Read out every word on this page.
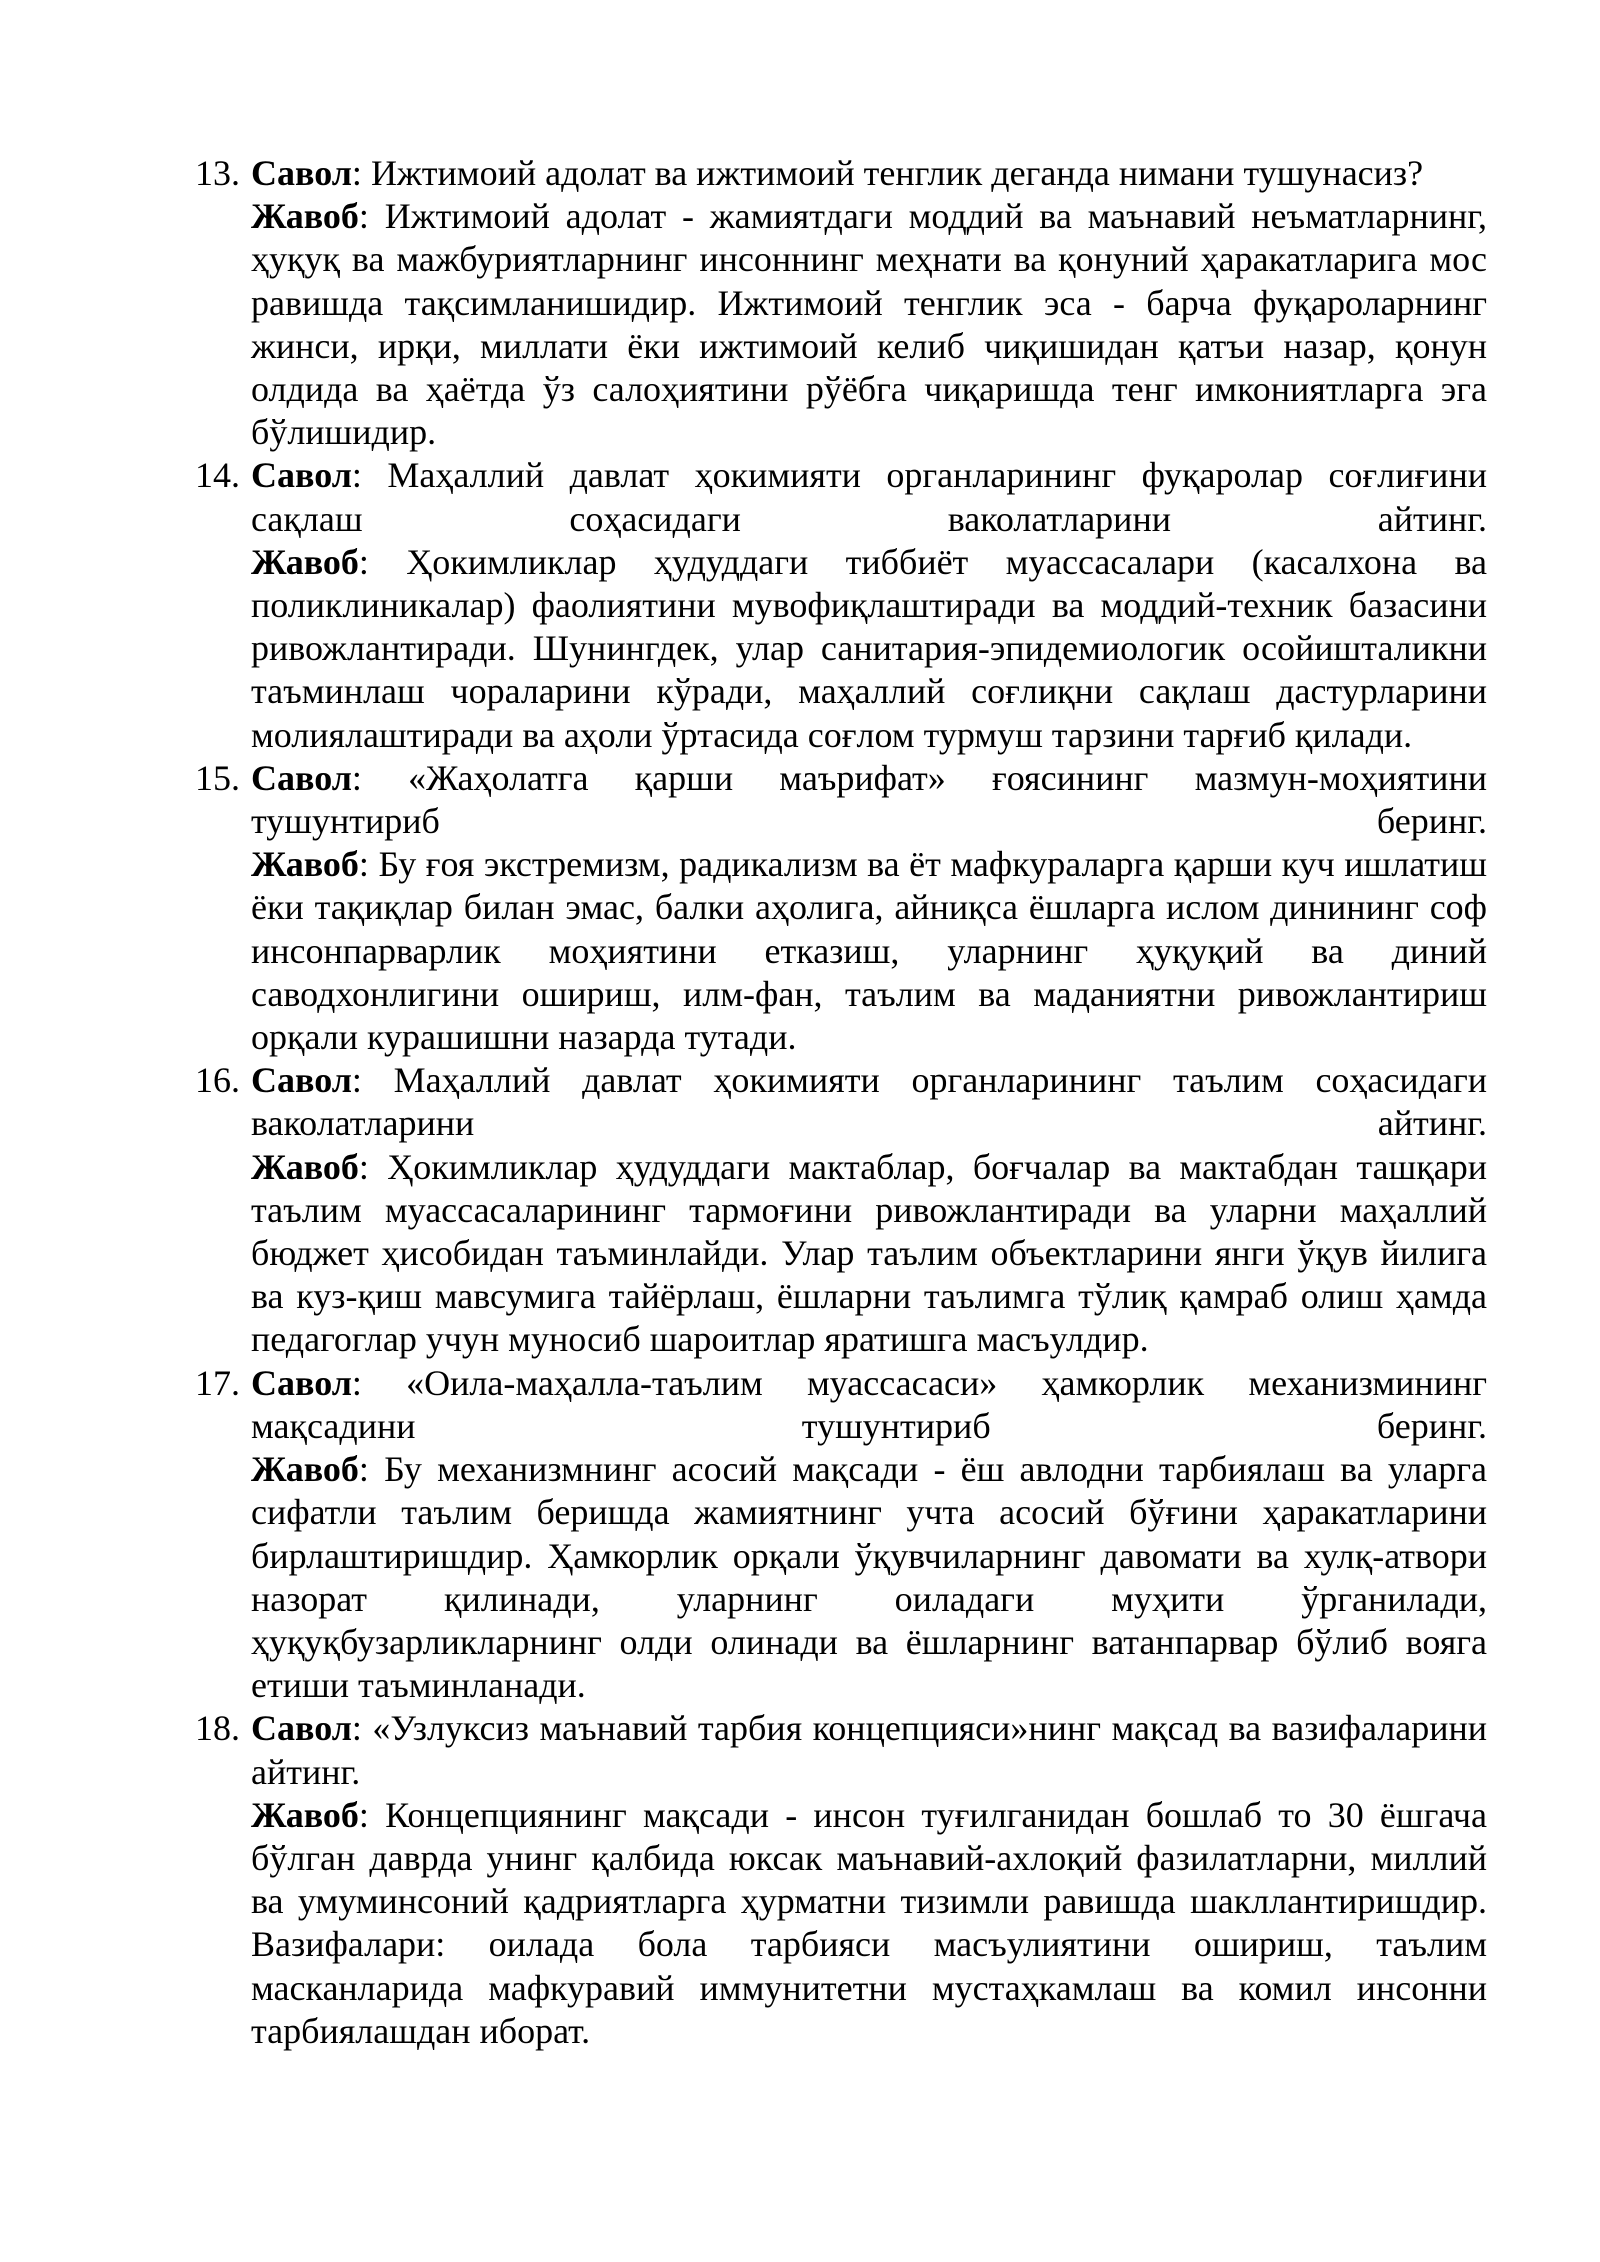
13. Савол: Ижтимоий адолат ва ижтимоий тенглик деганда нимани тушунасиз?

Жавоб: Ижтимоий адолат - жамиятдаги моддий ва маънавий неъматларнинг, ҳуқуқ ва мажбуриятларнинг инсоннинг меҳнати ва қонуний ҳаракатларига мос равишда тақсимланишидир. Ижтимоий тенглик эса - барча фуқароларнинг жинси, ирқи, миллати ёки ижтимоий келиб чиқишидан қатъи назар, қонун олдида ва ҳаётда ўз салоҳиятини рўёбга чиқаришда тенг имкониятларга эга бўлишидир.

14. Савол: Маҳаллий давлат ҳокимияти органларининг фуқаролар соғлиғини сақлаш соҳасидаги ваколатларини айтинг.

Жавоб: Ҳокимликлар ҳудуддаги тиббиёт муассасалари (касалхона ва поликлиникалар) фаолиятини мувофиқлаштиради ва моддий-техник базасини ривожлантиради. Шунингдек, улар санитария-эпидемиологик осойишталикни таъминлаш чораларини кўради, маҳаллий соғлиқни сақлаш дастурларини молиялаштиради ва аҳоли ўртасида соғлом турмуш тарзини тарғиб қилади.

15. Савол: «Жаҳолатга қарши маърифат» ғоясининг мазмун-моҳиятини тушунтириб беринг.

Жавоб: Бу ғоя экстремизм, радикализм ва ёт мафкураларга қарши куч ишлатиш ёки тақиқлар билан эмас, балки аҳолига, айниқса ёшларга ислом динининг соф инсонпарварлик моҳиятини етказиш, уларнинг ҳуқуқий ва диний саводхонлигини ошириш, илм-фан, таълим ва маданиятни ривожлантириш орқали курашишни назарда тутади.

16. Савол: Маҳаллий давлат ҳокимияти органларининг таълим соҳасидаги ваколатларини айтинг.

Жавоб: Ҳокимликлар ҳудуддаги мактаблар, боғчалар ва мактабдан ташқари таълим муассасаларининг тармоғини ривожлантиради ва уларни маҳаллий бюджет ҳисобидан таъминлайди. Улар таълим объектларини янги ўқув йилига ва куз-қиш мавсумига тайёрлаш, ёшларни таълимга тўлиқ қамраб олиш ҳамда педагоглар учун муносиб шароитлар яратишга масъулдир.

17. Савол: «Оила-маҳалла-таълим муассасаси» ҳамкорлик механизмининг мақсадини тушунтириб беринг.

Жавоб: Бу механизмнинг асосий мақсади - ёш авлодни тарбиялаш ва уларга сифатли таълим беришда жамиятнинг учта асосий бўғини ҳаракатларини бирлаштиришдир. Ҳамкорлик орқали ўқувчиларнинг давомати ва хулқ-атвори назорат қилинади, уларнинг оиладаги муҳити ўрганилади, ҳуқуқбузарликларнинг олди олинади ва ёшларнинг ватанпарвар бўлиб вояга етиши таъминланади.

18. Савол: «Узлуксиз маънавий тарбия концепцияси»нинг мақсад ва вазифаларини айтинг.

Жавоб: Концепциянинг мақсади - инсон туғилганидан бошлаб то 30 ёшгача бўлган даврда унинг қалбида юксак маънавий-ахлоқий фазилатларни, миллий ва умуминсоний қадриятларга ҳурматни тизимли равишда шакллантиришдир. Вазифалари: оилада бола тарбияси масъулиятини ошириш, таълим масканларида мафкуравий иммунитетни мустаҳкамлаш ва комил инсонни тарбиялашдан иборат.
